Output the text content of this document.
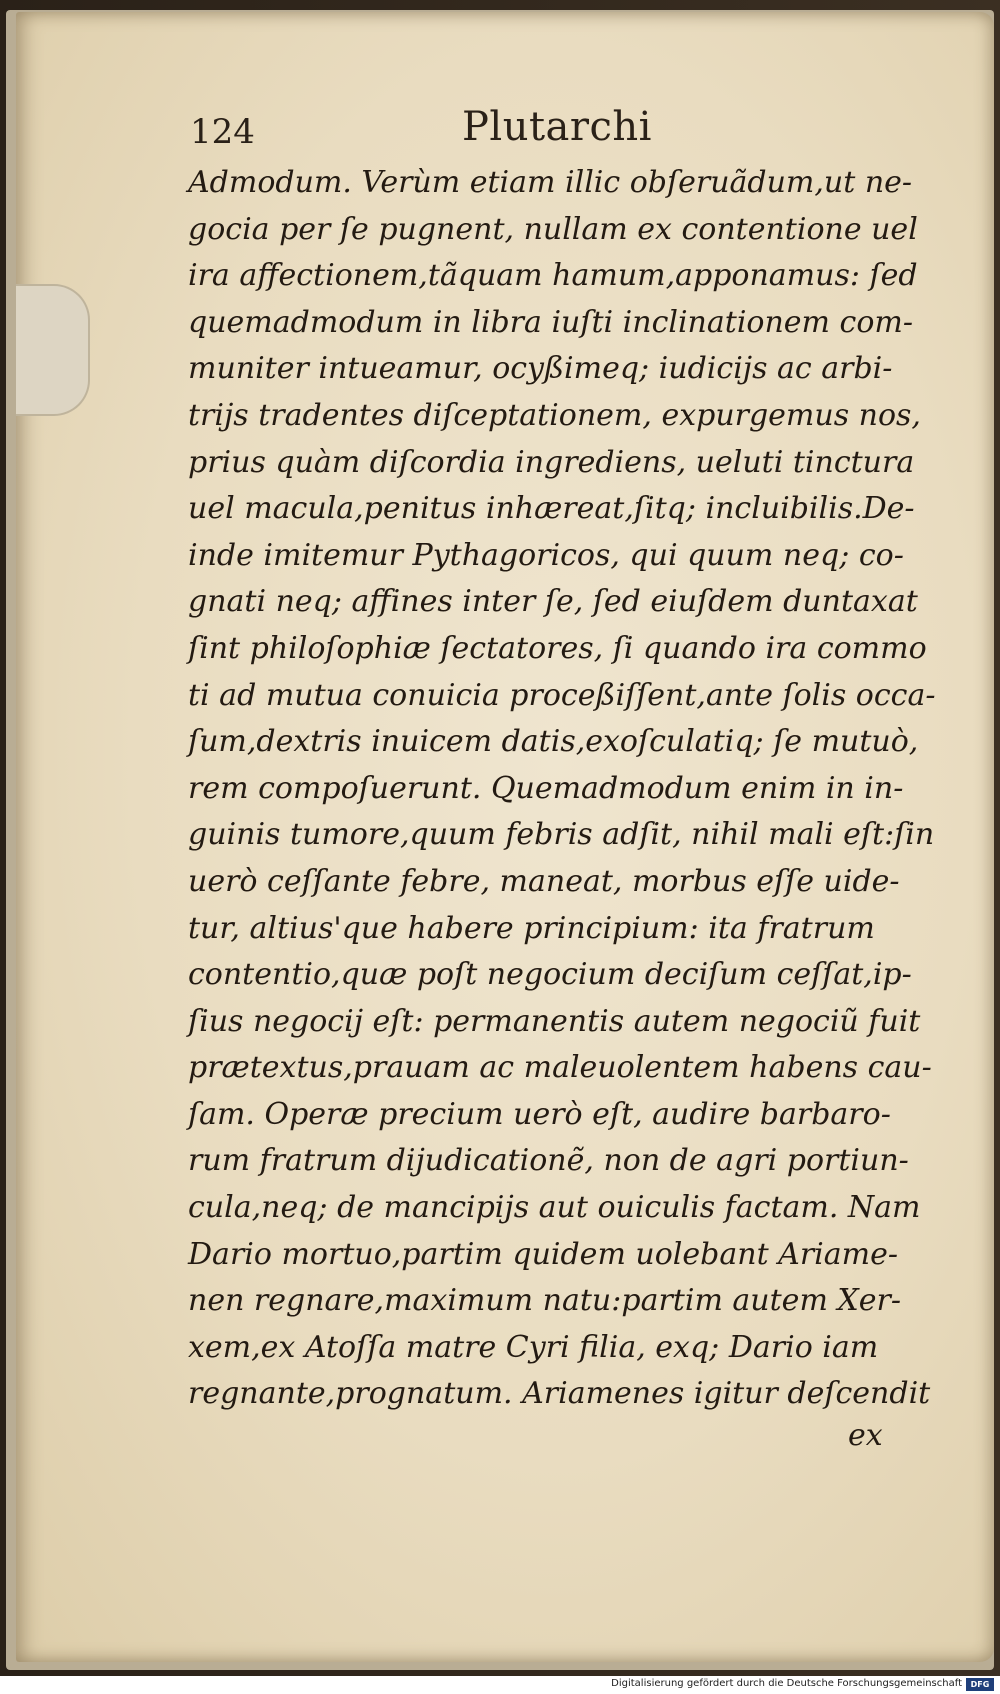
124	Plutarchi
Admodum. Verùm etiam illic obſeruãdum,ut ne-
gocia per ſe pugnent, nullam ex contentione uel
ira affectionem,tãquam hamum,apponamus: ſed
quemadmodum in libra iuſti inclinationem com-
muniter intueamur, ocyßimeq; iudicijs ac arbi-
trijs tradentes diſceptationem, expurgemus nos,
prius quàm diſcordia ingrediens, ueluti tinctura
uel macula,penitus inhæreat,ſitq; incluibilis.De-
inde imitemur Pythagoricos, qui quum neq; co-
gnati neq; affines inter ſe, ſed eiuſdem duntaxat
ſint philoſophiæ ſectatores, ſi quando ira commo
ti ad mutua conuicia proceßiſſent,ante ſolis occa-
ſum,dextris inuicem datis,exoſculatiq; ſe mutuò,
rem compoſuerunt. Quemadmodum enim in in-
guinis tumore,quum febris adſit, nihil mali eſt:ſin
uerò ceſſante febre, maneat, morbus eſſe uide-
tur, altius'que habere principium: ita fratrum
contentio,quæ poſt negocium deciſum ceſſat,ip-
ſius negocij eſt: permanentis autem negociũ fuit
prætextus,prauam ac maleuolentem habens cau-
ſam. Operæ precium uerò eſt, audire barbaro-
rum fratrum dijudicationẽ, non de agri portiun-
cula,neq; de mancipijs aut ouiculis factam. Nam
Dario mortuo,partim quidem uolebant Ariame-
nen regnare,maximum natu:partim autem Xer-
xem,ex Atoſſa matre Cyri filia, exq; Dario iam
regnante,prognatum. Ariamenes igitur deſcendit
ex
Digitalisierung gefördert durch die Deutsche Forschungsgemeinschaft	DFG
